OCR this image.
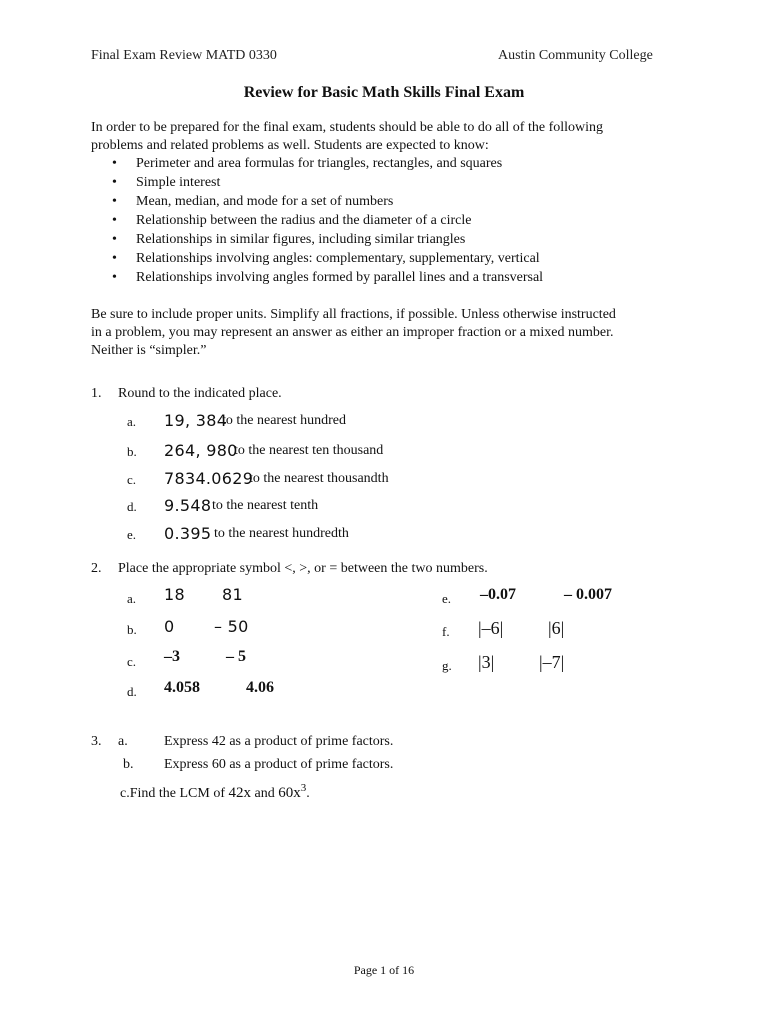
Final Exam Review MATD 0330	Austin Community College
Review for Basic Math Skills Final Exam
In order to be prepared for the final exam, students should be able to do all of the following
problems and related problems as well. Students are expected to know:
• Perimeter and area formulas for triangles, rectangles, and squares
• Simple interest
• Mean, median, and mode for a set of numbers
• Relationship between the radius and the diameter of a circle
• Relationships in similar figures, including similar triangles
• Relationships involving angles: complementary, supplementary, vertical
• Relationships involving angles formed by parallel lines and a transversal
Be sure to include proper units. Simplify all fractions, if possible. Unless otherwise instructed
in a problem, you may represent an answer as either an improper fraction or a mixed number.
Neither is “simpler.”
1. Round to the indicated place.
a. 19, 384
to the nearest hundred
b. 264, 980
to the nearest ten thousand
c. 7834.0629
to the nearest thousandth
d. 9.548 to the nearest tenth
e. 0.395 to the nearest hundredth
2. Place the appropriate symbol <, >, or = between the two numbers.
a. 18 81
b. 0 – 50
c. –3	– 5
d. 4.058	4.06
e. –0.07	– 0.007
f. |–6| |6|
g. |3| |–7|
3. a.	Express 42 as a product of prime factors.
b. Express 60 as a product of prime factors.
c.Find the LCM of 42x and $60x^3$.
Page 1 of 16
